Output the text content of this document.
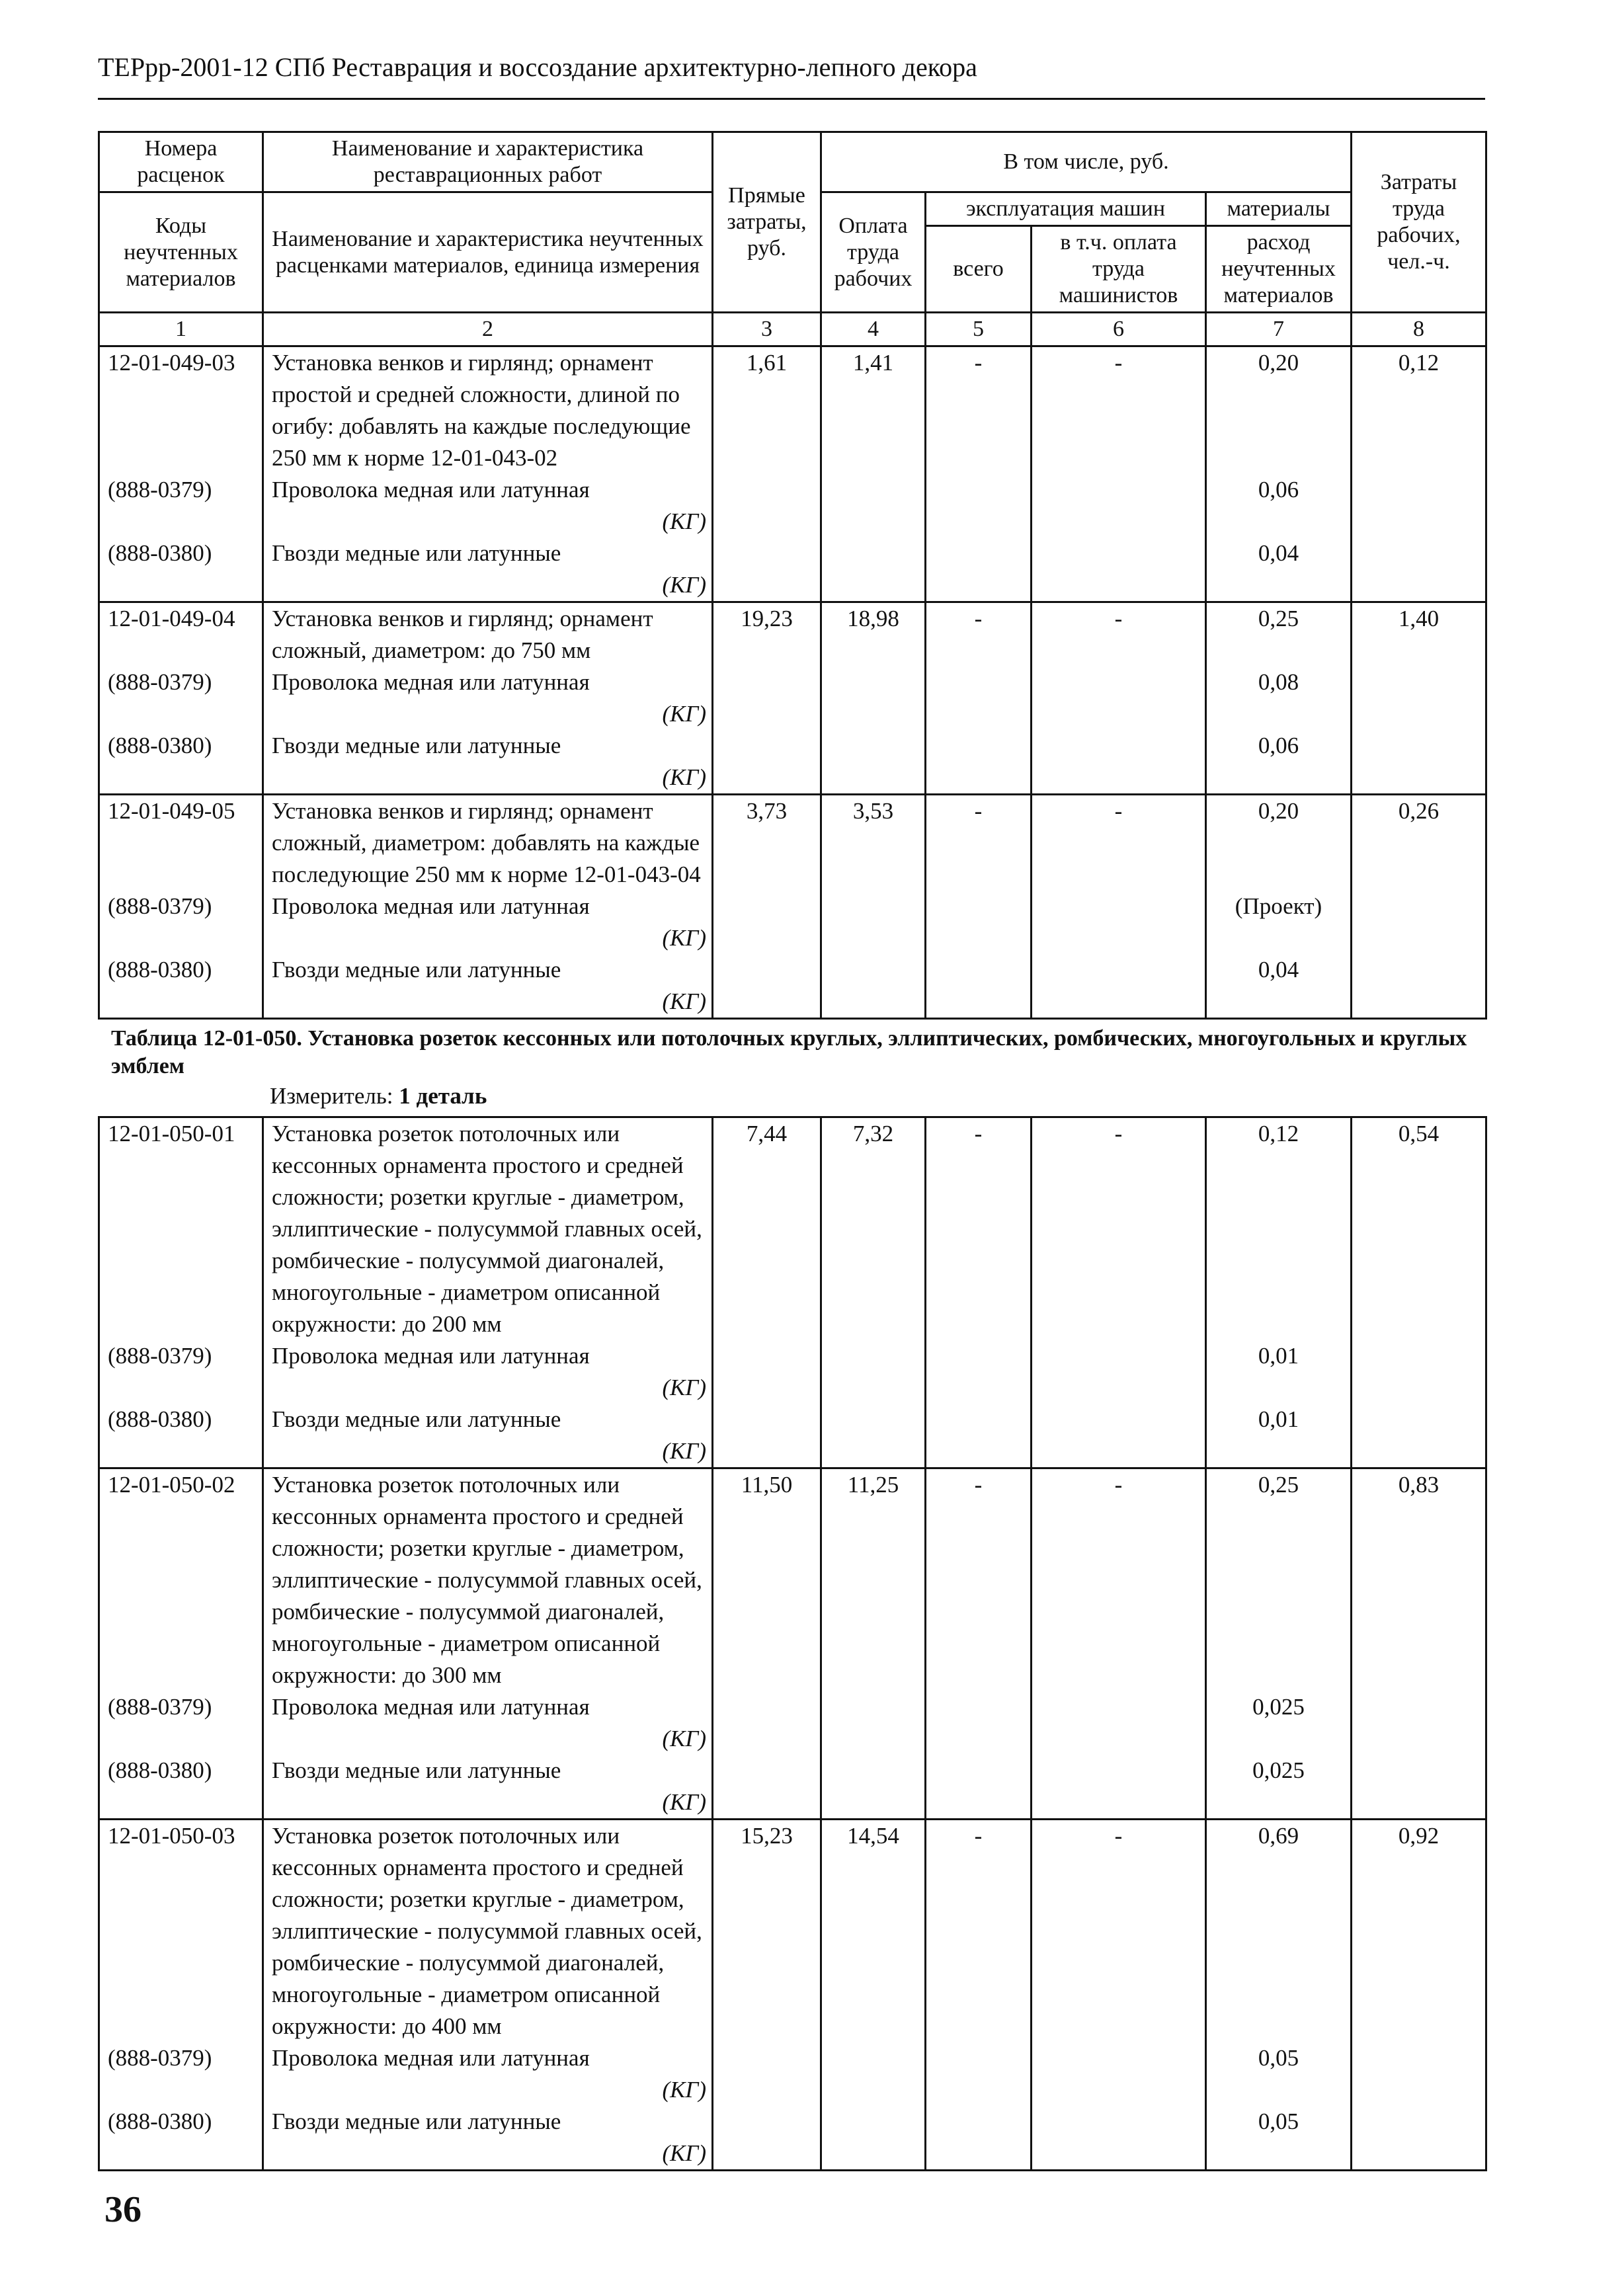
ТЕРрр-2001-12 СПб Реставрация и воссоздание архитектурно-лепного декора
Номера расценок	Наименование и характеристика реставрационных работ	Прямые затраты, руб.	В том числе, руб.				Затраты труда рабочих, чел.-ч.
Коды неучтенных материалов	Наименование и характеристика неучтенных расценками материалов, единица измерения		Оплата труда рабочих	эксплуатация машин		материалы	
				всего	в т.ч. оплата труда машинистов	расход неучтенных материалов	
1	2	3	4	5	6	7	8
12-01-049-03	Установка венков и гирлянд; орнамент простой и средней сложности, длиной по огибу: добавлять на каждые последующие 250 мм к норме 12-01-043-02	1,61	1,41	-	-	0,20	0,12
(888-0379)	Проволока медная или латунная					0,06	
	(КГ)						
(888-0380)	Гвозди медные или латунные					0,04	
	(КГ)						
12-01-049-04	Установка венков и гирлянд; орнамент сложный, диаметром: до 750 мм	19,23	18,98	-	-	0,25	1,40
(888-0379)	Проволока медная или латунная					0,08	
	(КГ)						
(888-0380)	Гвозди медные или латунные					0,06	
	(КГ)						
12-01-049-05	Установка венков и гирлянд; орнамент сложный, диаметром: добавлять на каждые последующие 250 мм к норме 12-01-043-04	3,73	3,53	-	-	0,20	0,26
(888-0379)	Проволока медная или латунная					(Проект)	
	(КГ)						
(888-0380)	Гвозди медные или латунные					0,04	
	(КГ)						
Таблица 12-01-050. Установка розеток кессонных или потолочных круглых, эллиптических, ромбических, многоугольных и круглых эмблем
Измеритель: 1 деталь
12-01-050-01	Установка розеток потолочных или кессонных орнамента простого и средней сложности; розетки круглые - диаметром, эллиптические - полусуммой главных осей, ромбические - полусуммой диагоналей, многоугольные - диаметром описанной окружности: до 200 мм	7,44	7,32	-	-	0,12	0,54
(888-0379)	Проволока медная или латунная					0,01	
	(КГ)						
(888-0380)	Гвозди медные или латунные					0,01	
	(КГ)						
12-01-050-02	Установка розеток потолочных или кессонных орнамента простого и средней сложности; розетки круглые - диаметром, эллиптические - полусуммой главных осей, ромбические - полусуммой диагоналей, многоугольные - диаметром описанной окружности: до 300 мм	11,50	11,25	-	-	0,25	0,83
(888-0379)	Проволока медная или латунная					0,025	
	(КГ)						
(888-0380)	Гвозди медные или латунные					0,025	
	(КГ)						
12-01-050-03	Установка розеток потолочных или кессонных орнамента простого и средней сложности; розетки круглые - диаметром, эллиптические - полусуммой главных осей, ромбические - полусуммой диагоналей, многоугольные - диаметром описанной окружности: до 400 мм	15,23	14,54	-	-	0,69	0,92
(888-0379)	Проволока медная или латунная					0,05	
	(КГ)						
(888-0380)	Гвозди медные или латунные					0,05	
	(КГ)						
36
